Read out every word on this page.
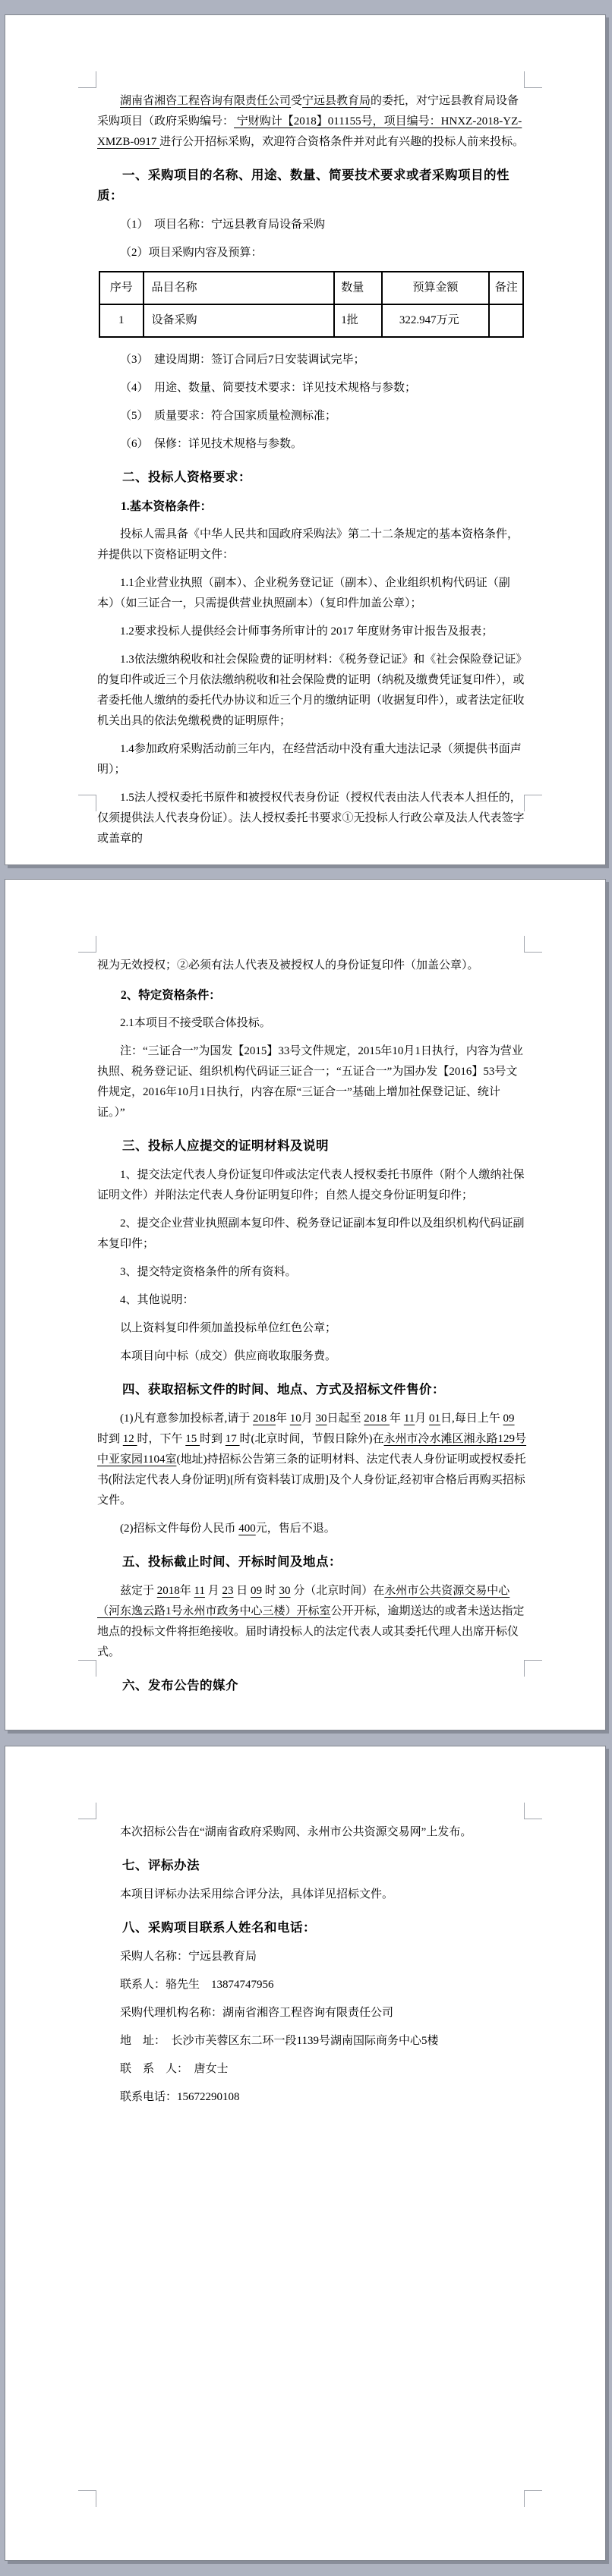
湖南省湘咨工程咨询有限责任公司受宁远县教育局的委托，对宁远县教育局设备采购项目（政府采购编号： 宁财购计【2018】011155号，项目编号：HNXZ-2018-YZ-XMZB-0917 进行公开招标采购，欢迎符合资格条件并对此有兴趣的投标人前来投标。
一、采购项目的名称、用途、数量、简要技术要求或者采购项目的性质：
（1）　项目名称：宁远县教育局设备采购
（2）项目采购内容及预算：
序号	品目名称	数量	预算金额	备注
1	设备采购	1批	322.947万元	
（3）　建设周期：签订合同后7日安装调试完毕；
（4）　用途、数量、简要技术要求：详见技术规格与参数；
（5）　质量要求：符合国家质量检测标准；
（6）　保修：详见技术规格与参数。
二、投标人资格要求：
1.基本资格条件：
投标人需具备《中华人民共和国政府采购法》第二十二条规定的基本资格条件，并提供以下资格证明文件：
1.1企业营业执照（副本）、企业税务登记证（副本）、企业组织机构代码证（副本）（如三证合一，只需提供营业执照副本）（复印件加盖公章）；
1.2要求投标人提供经会计师事务所审计的 2017 年度财务审计报告及报表；
1.3依法缴纳税收和社会保险费的证明材料：《税务登记证》和《社会保险登记证》的复印件或近三个月依法缴纳税收和社会保险费的证明（纳税及缴费凭证复印件），或者委托他人缴纳的委托代办协议和近三个月的缴纳证明（收据复印件），或者法定征收机关出具的依法免缴税费的证明原件；
1.4参加政府采购活动前三年内，在经营活动中没有重大违法记录（须提供书面声明）；
1.5法人授权委托书原件和被授权代表身份证（授权代表由法人代表本人担任的，仅须提供法人代表身份证）。法人授权委托书要求①无投标人行政公章及法人代表签字或盖章的
视为无效授权；②必须有法人代表及被授权人的身份证复印件（加盖公章）。
2、特定资格条件：
2.1本项目不接受联合体投标。
注：“三证合一”为国发【2015】33号文件规定，2015年10月1日执行，内容为营业执照、税务登记证、组织机构代码证三证合一；“五证合一”为国办发【2016】53号文件规定，2016年10月1日执行，内容在原“三证合一”基础上增加社保登记证、统计证。）”
三、投标人应提交的证明材料及说明
1、提交法定代表人身份证复印件或法定代表人授权委托书原件（附个人缴纳社保证明文件）并附法定代表人身份证明复印件；自然人提交身份证明复印件；
2、提交企业营业执照副本复印件、税务登记证副本复印件以及组织机构代码证副本复印件；
3、提交特定资格条件的所有资料。
4、其他说明：
以上资料复印件须加盖投标单位红色公章；
本项目向中标（成交）供应商收取服务费。
四、获取招标文件的时间、地点、方式及招标文件售价：
(1)凡有意参加投标者,请于 2018年 10月 30日起至 2018 年 11月 01日,每日上午 09 时到 12 时，下午 15 时到 17 时(北京时间，节假日除外)在永州市冷水滩区湘永路129号中亚家园1104室(地址)持招标公告第三条的证明材料、法定代表人身份证明或授权委托书(附法定代表人身份证明)[所有资料装订成册]及个人身份证,经初审合格后再购买招标文件。
(2)招标文件每份人民币 400元，售后不退。
五、投标截止时间、开标时间及地点：
兹定于 2018年 11 月 23 日 09 时 30 分（北京时间）在永州市公共资源交易中心（河东逸云路1号永州市政务中心三楼）开标室公开开标，逾期送达的或者未送达指定地点的投标文件将拒绝接收。届时请投标人的法定代表人或其委托代理人出席开标仪式。
六、发布公告的媒介
本次招标公告在“湖南省政府采购网、永州市公共资源交易网”上发布。
七、评标办法
本项目评标办法采用综合评分法，具体详见招标文件。
八、采购项目联系人姓名和电话：
采购人名称：宁远县教育局
联系人：骆先生　13874747956
采购代理机构名称：湖南省湘咨工程咨询有限责任公司
地　址：　长沙市芙蓉区东二环一段1139号湖南国际商务中心5楼
联　系　人：　唐女士
联系电话：15672290108
